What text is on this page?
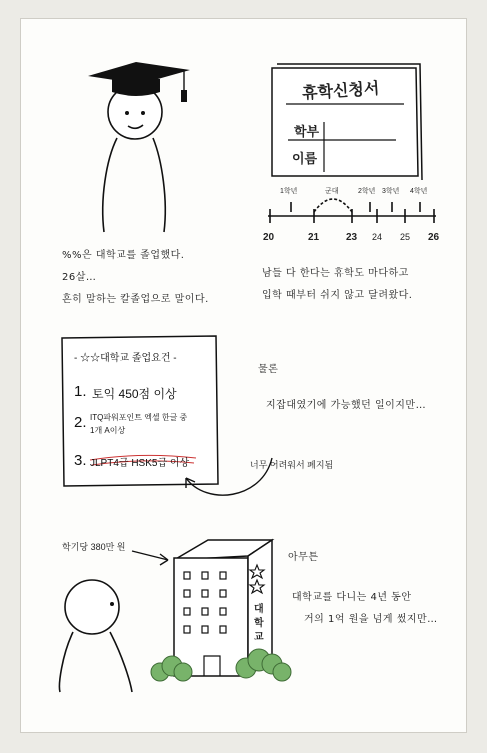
%%은 대학교를 졸업했다.
26살…
흔히 말하는 칼졸업으로 말이다.
휴학신청서
학부
이름
1학년	군대	2학년 3학년 4학년
20	21	23 24 25 26
남들 다 한다는 휴학도 마다하고
입학 때부터 쉬지 않고 달려왔다.
- ☆☆대학교 졸업요건 -
1. 토익 450점 이상
2. ITQ파워포인트 엑셀 한글 중
1개 A이상
3. JLPT4급 HSK5급 이상
물론
지잡대였기에 가능했던 일이지만…
너무 어려워서 폐지됨
학기당 380만 원
대
학
교
아무튼
대학교를 다니는 4년 동안
거의 1억 원을 넘게 썼지만…
